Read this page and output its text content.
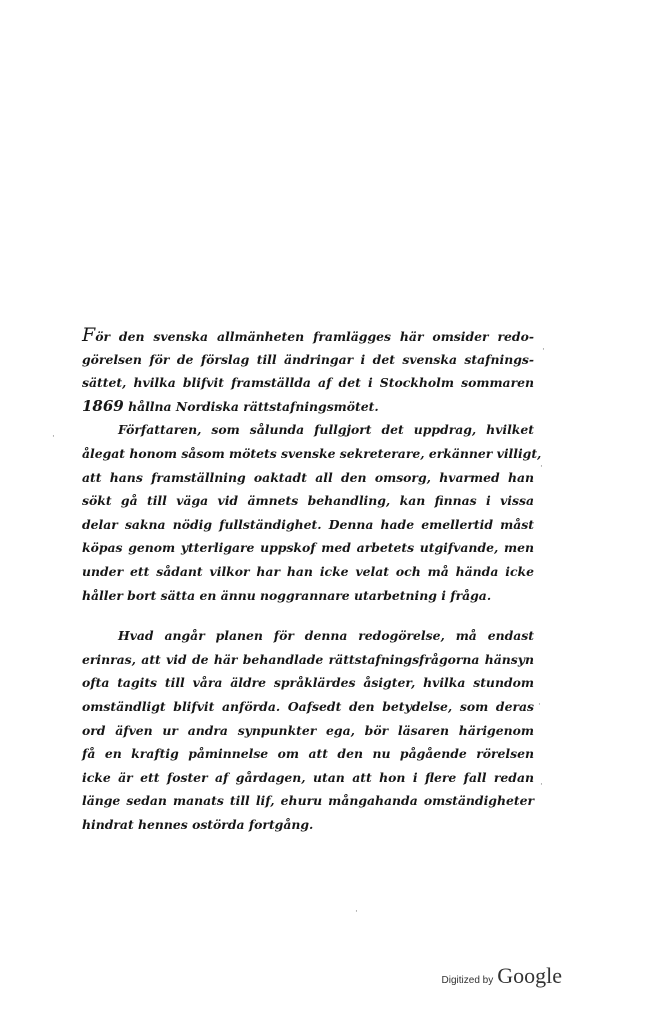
För den svenska allmänheten framlägges här omsider redo-
görelsen för de förslag till ändringar i det svenska stafnings-
sättet, hvilka blifvit framställda af det i Stockholm sommaren
1869 hållna Nordiska rättstafningsmötet.
Författaren, som sålunda fullgjort det uppdrag, hvilket
ålegat honom såsom mötets svenske sekreterare, erkänner villigt,
att hans framställning oaktadt all den omsorg, hvarmed han
sökt gå till väga vid ämnets behandling, kan finnas i vissa
delar sakna nödig fullständighet. Denna hade emellertid måst
köpas genom ytterligare uppskof med arbetets utgifvande, men
under ett sådant vilkor har han icke velat och må hända icke
håller bort sätta en ännu noggrannare utarbetning i fråga.
Hvad angår planen för denna redogörelse, må endast
erinras, att vid de här behandlade rättstafningsfrågorna hänsyn
ofta tagits till våra äldre språklärdes åsigter, hvilka stundom
omständligt blifvit anförda. Oafsedt den betydelse, som deras
ord äfven ur andra synpunkter ega, bör läsaren härigenom
få en kraftig påminnelse om att den nu pågående rörelsen
icke är ett foster af gårdagen, utan att hon i flere fall redan
länge sedan manats till lif, ehuru mångahanda omständigheter
hindrat hennes ostörda fortgång.
·
·
·
·
·
·
Digitized by Google
